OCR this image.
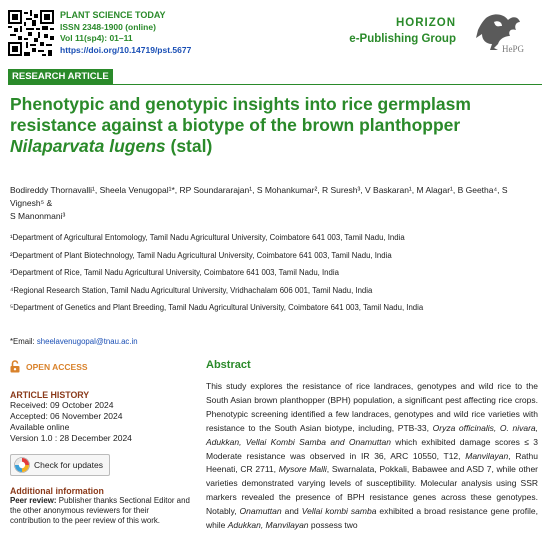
PLANT SCIENCE TODAY
ISSN 2348-1900 (online)
Vol 11(sp4): 01–11
https://doi.org/10.14719/pst.5677
HORIZON
e-Publishing Group
HePG
RESEARCH ARTICLE
Phenotypic and genotypic insights into rice germplasm
resistance against a biotype of the brown planthopper
Nilaparvata lugens (stal)
Bodireddy Thornavalli¹, Sheela Venugopal¹*, RP Soundararajan¹, S Mohankumar², R Suresh³, V Baskaran¹, M Alagar¹, B Geetha⁴, S Vignesh⁵ &
S Manonmani³
¹Department of Agricultural Entomology, Tamil Nadu Agricultural University, Coimbatore 641 003, Tamil Nadu, India
²Department of Plant Biotechnology, Tamil Nadu Agricultural University, Coimbatore 641 003, Tamil Nadu, India
³Department of Rice, Tamil Nadu Agricultural University, Coimbatore 641 003, Tamil Nadu, India
⁴Regional Research Station, Tamil Nadu Agricultural University, Vridhachalam 606 001, Tamil Nadu, India
⁵Department of Genetics and Plant Breeding, Tamil Nadu Agricultural University, Coimbatore 641 003, Tamil Nadu, India
*Email: sheelavenugopal@tnau.ac.in
OPEN ACCESS
ARTICLE HISTORY
Received: 09 October 2024
Accepted: 06 November 2024
Available online
Version 1.0 : 28 December 2024
Check for updates
Additional information
Peer review: Publisher thanks Sectional Editor and the other anonymous reviewers for their contribution to the peer review of this work.
Abstract
This study explores the resistance of rice landraces, genotypes and wild rice to the South Asian brown planthopper (BPH) population, a significant pest affecting rice crops. Phenotypic screening identified a few landraces, genotypes and wild rice varieties with resistance to the South Asian biotype, including, PTB-33, Oryza officinalis, O. nivara, Adukkan, Vellai Kombi Samba and Onamuttan which exhibited damage scores ≤ 3 Moderate resistance was observed in IR 36, ARC 10550, T12, Manvilayan, Rathu Heenati, CR 2711, Mysore Malli, Swarnalata, Pokkali, Babawee and ASD 7, while other varieties demonstrated varying levels of susceptibility. Molecular analysis using SSR markers revealed the presence of BPH resistance genes across these genotypes. Notably, Onamuttan and Vellai kombi samba exhibited a broad resistance gene profile, while Adukkan, Manvilayan possess two
